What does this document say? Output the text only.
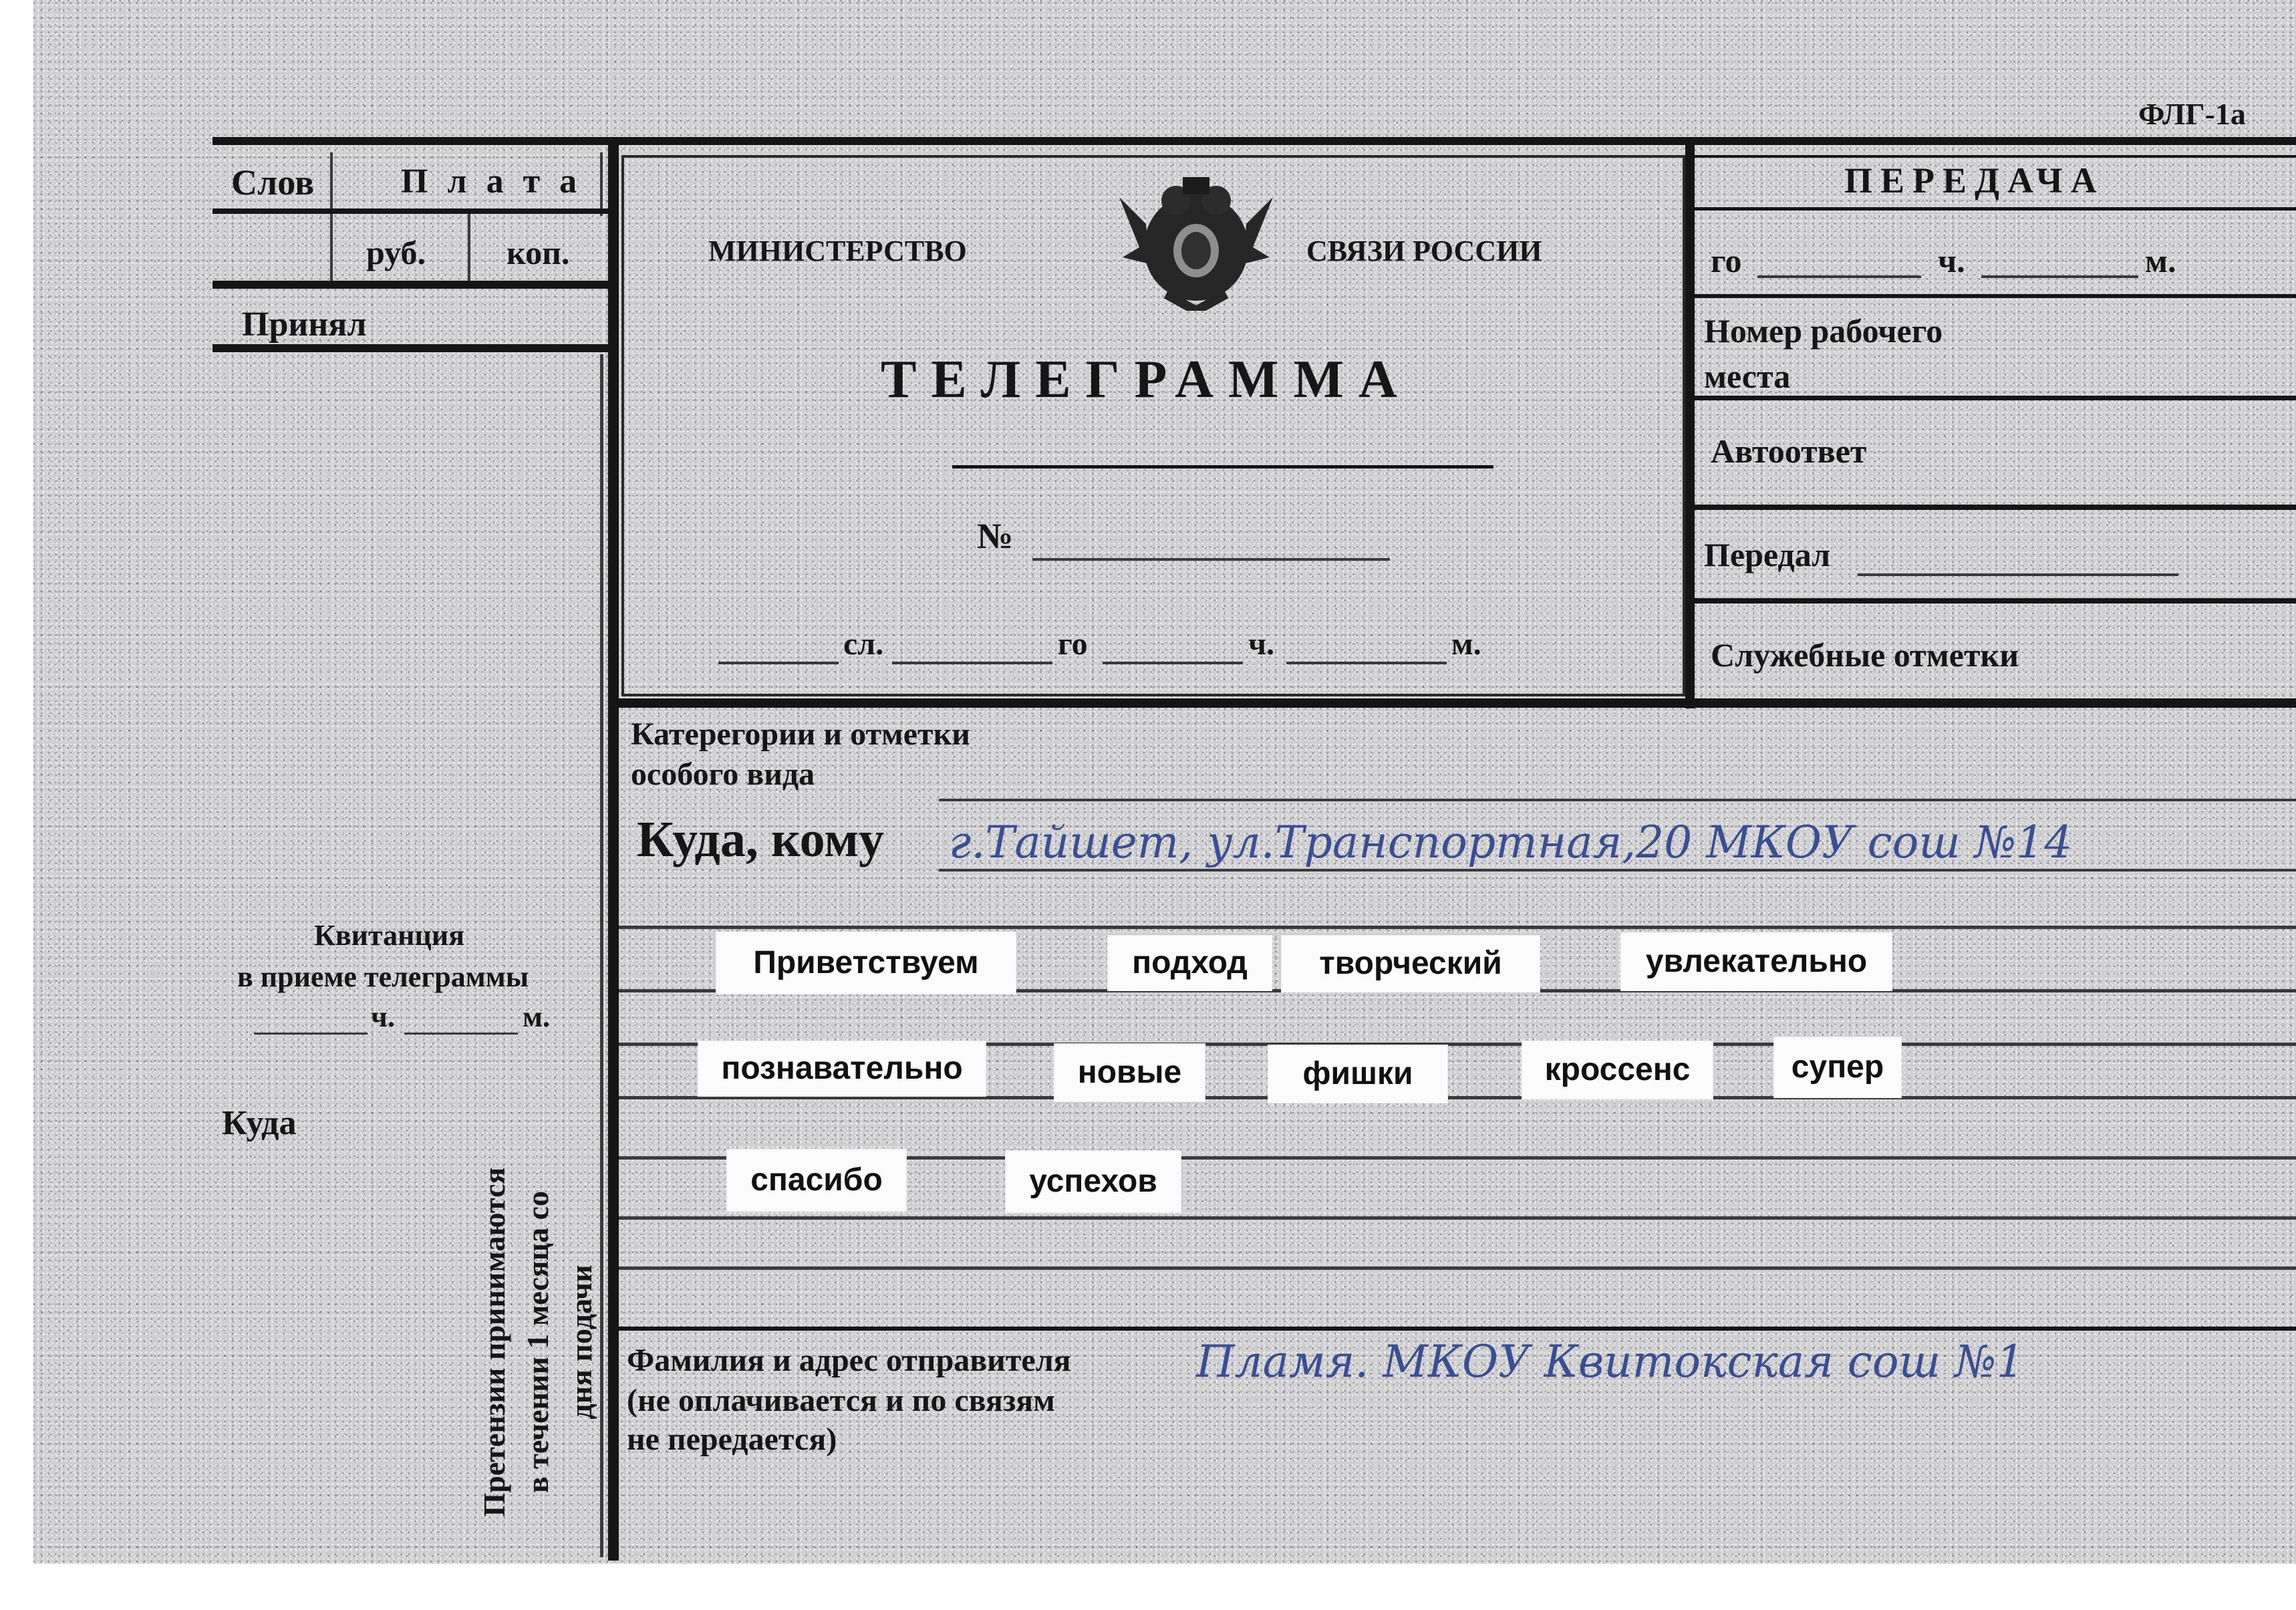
ФЛГ-1а
Слов П л а т а
руб. коп.
Принял
Квитанция
в приеме телеграммы
ч.	м.
Куда
Претензии принимаются в течении 1 месяца со дня подачи
МИНИСТЕРСТВО	СВЯЗИ РОССИИ
ТЕЛЕГРАММА
№
сл.	го	ч.	м.
ПЕРЕДАЧА
го	ч.	м.
Номер рабочего
места
Автоответ
Передал
Служебные отметки
Катерегории и отметки
особого вида
Куда, кому г.Тайшет, ул.Транспортная,20 МКОУ сош №14
Приветствуем	подход	творческий	увлекательно
познавательно	новые	фишки	кроссенс	супер
спасибо	успехов
Фамилия и адрес отправителя
(не оплачивается и по связям
не передается)
Пламя. МКОУ Квитокская сош №1
